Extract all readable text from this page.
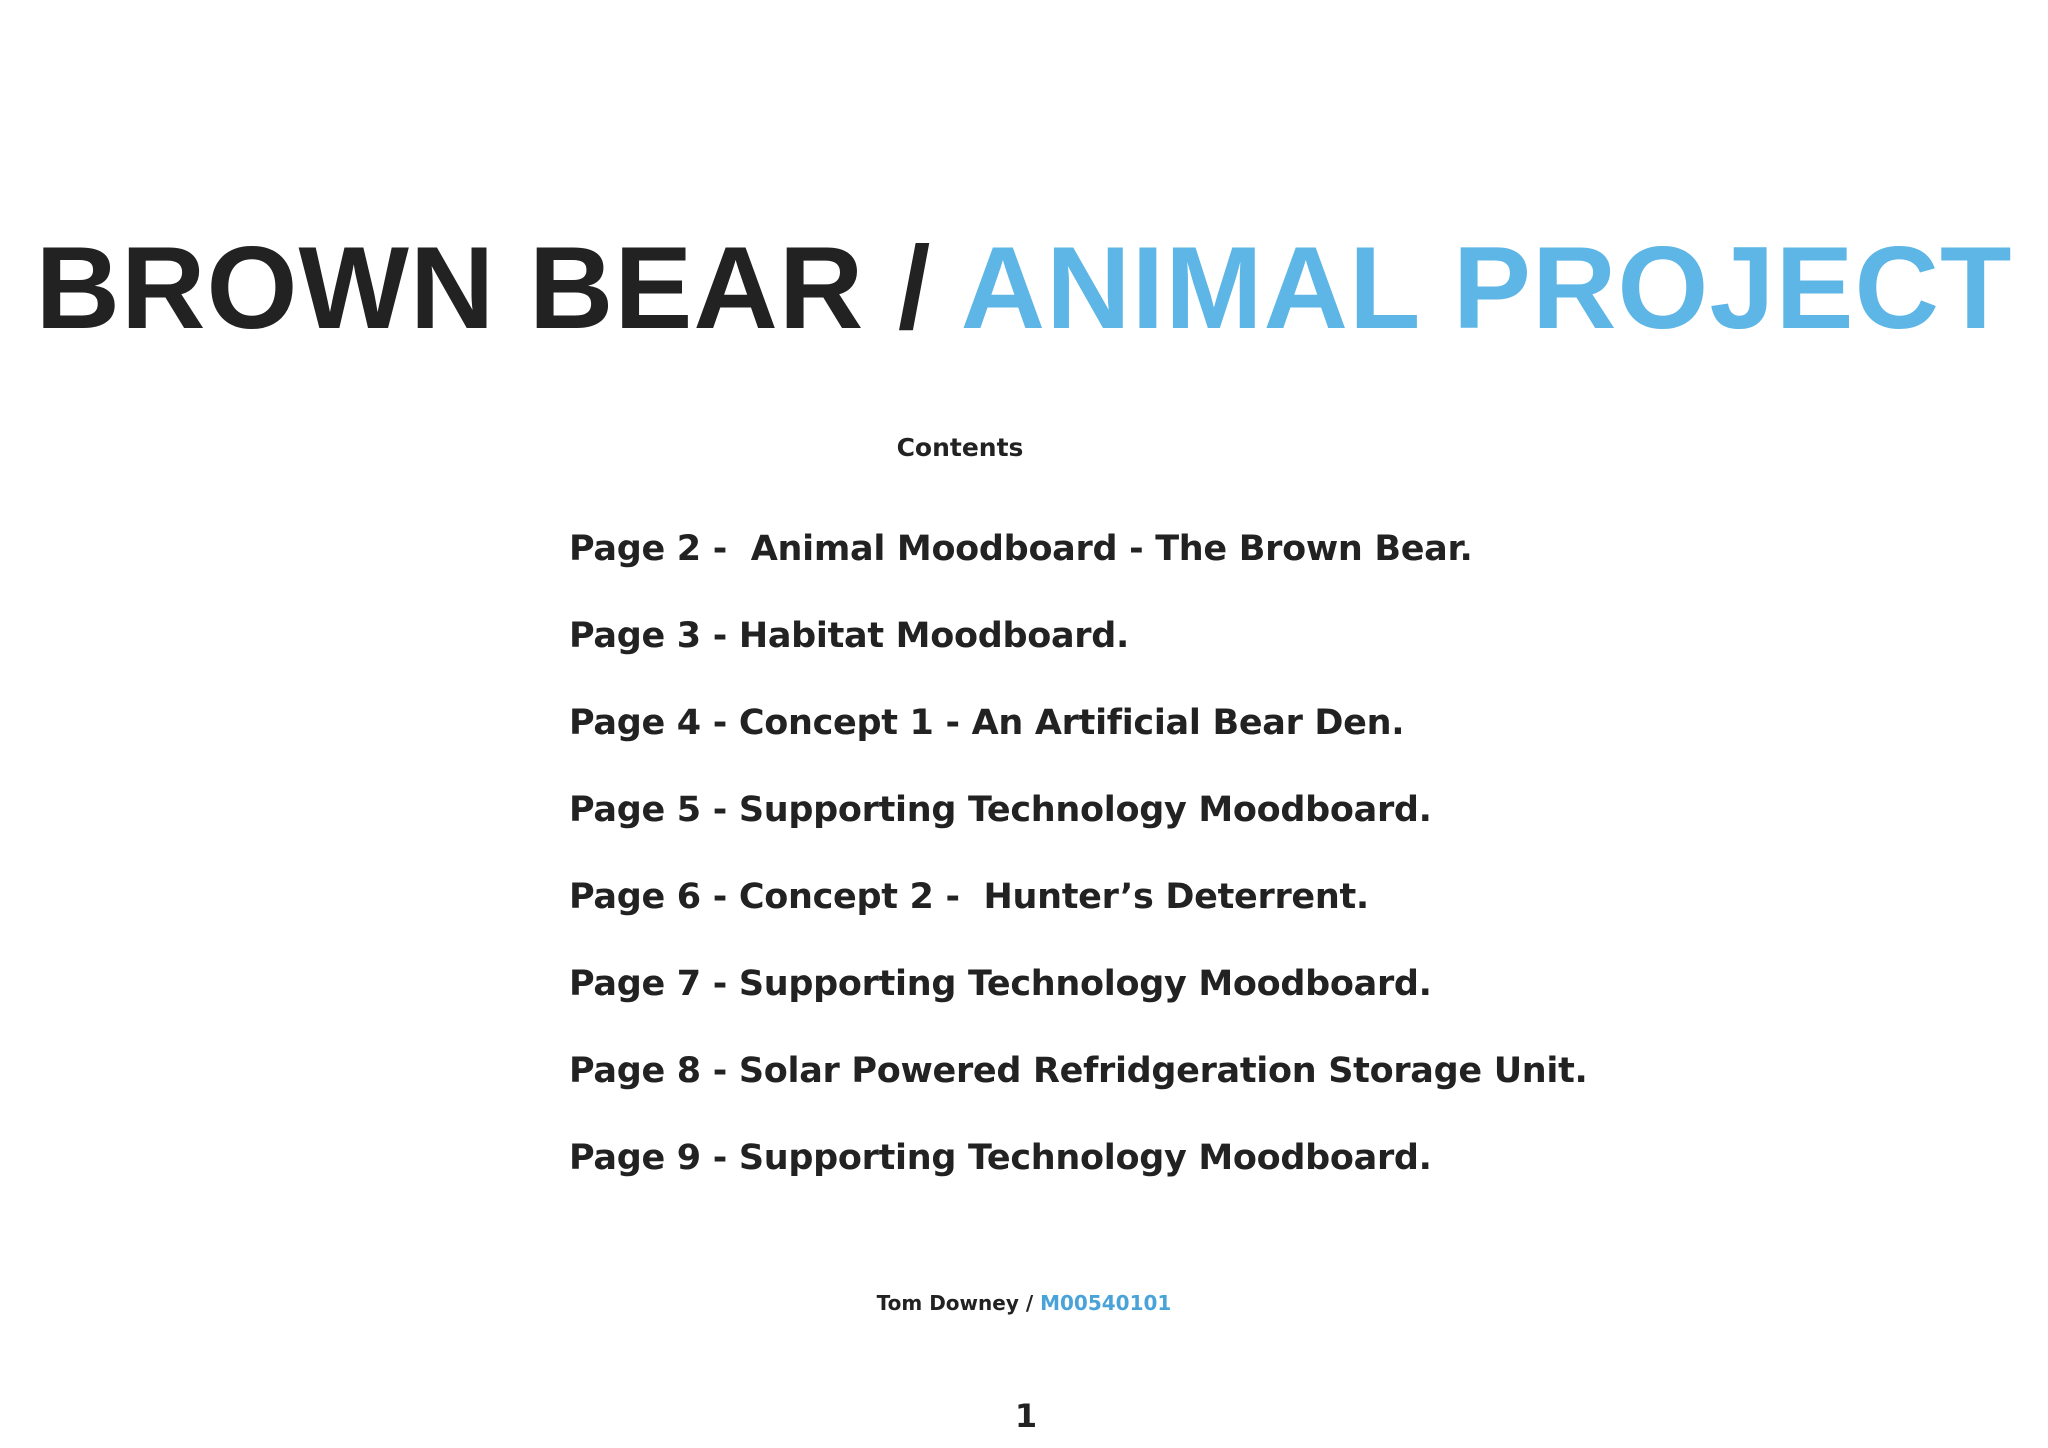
BROWN BEAR / ANIMAL PROJECT
Contents
Page 2 -  Animal Moodboard - The Brown Bear.
Page 3 - Habitat Moodboard.
Page 4 - Concept 1 - An Artificial Bear Den.
Page 5 - Supporting Technology Moodboard.
Page 6 - Concept 2 -  Hunter’s Deterrent.
Page 7 - Supporting Technology Moodboard.
Page 8 - Solar Powered Refridgeration Storage Unit.
Page 9 - Supporting Technology Moodboard.
Tom Downey / M00540101
1
